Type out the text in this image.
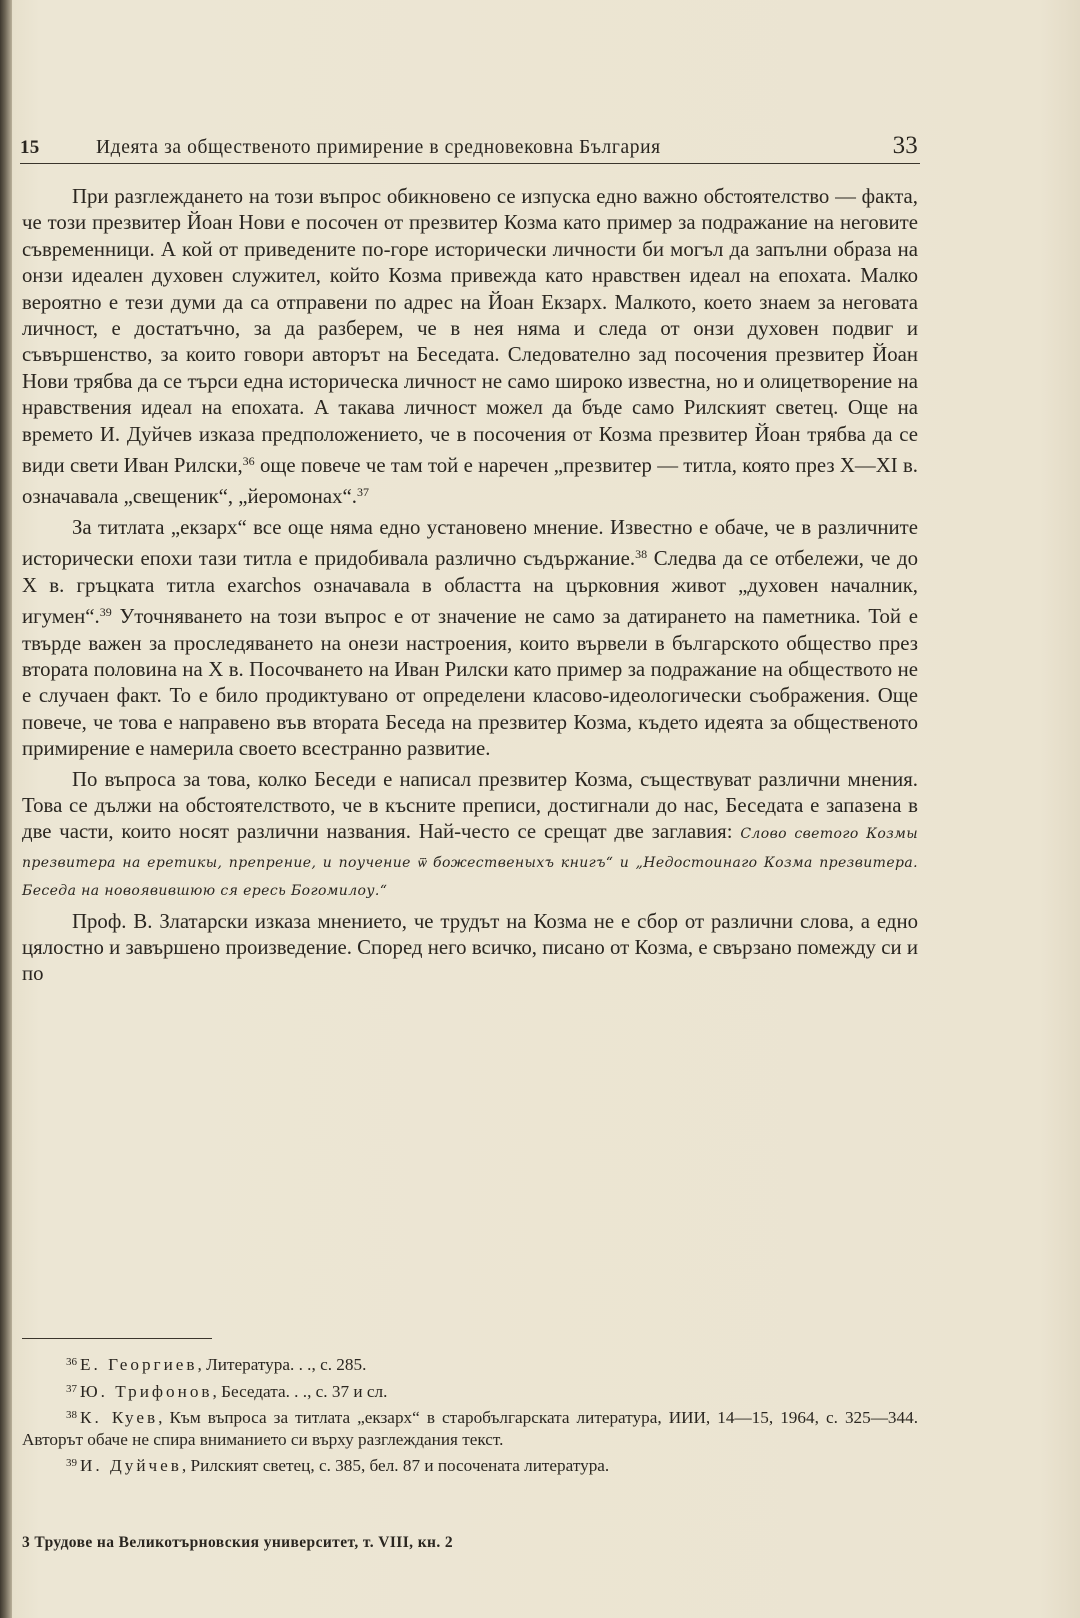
15	Идеята за общественото примирение в средновековна България	33

При разглеждането на този въпрос обикновено се изпуска едно важно обстоятелство — факта, че този презвитер Йоан Нови е посочен от презвитер Козма като пример за подражание на неговите съвременници. А кой от приведените по-горе исторически личности би могъл да запълни образа на онзи идеален духовен служител, който Козма привежда като нравствен идеал на епохата. Малко вероятно е тези думи да са отправени по адрес на Йоан Екзарх. Малкото, което знаем за неговата личност, е достатъчно, за да разберем, че в нея няма и следа от онзи духовен подвиг и съвършенство, за които говори авторът на Беседата. Следователно зад посочения презвитер Йоан Нови трябва да се търси една историческа личност не само широко известна, но и олицетворение на нравствения идеал на епохата. А такава личност можел да бъде само Рилският светец. Още на времето И. Дуйчев изказа предположението, че в посочения от Козма презвитер Йоан трябва да се види свети Иван Рилски,$^{36}$ още повече че там той е наречен „презвитер — титла, която през X—XI в. означавала „свещеник“, „йеромонах“.$^{37}$

За титлата „екзарх“ все още няма едно установено мнение. Известно е обаче, че в различните исторически епохи тази титла е придобивала различно съдържание.$^{38}$ Следва да се отбележи, че до X в. гръцката титла exarchos означавала в областта на църковния живот „духовен началник, игумен“.$^{39}$ Уточняването на този въпрос е от значение не само за датирането на паметника. Той е твърде важен за проследяването на онези настроения, които вървели в българското общество през втората половина на X в. Посочването на Иван Рилски като пример за подражание на обществото не е случаен факт. То е било продиктувано от определени класово-идеологически съображения. Още повече, че това е направено във втората Беседа на презвитер Козма, където идеята за общественото примирение е намерила своето всестранно развитие.

По въпроса за това, колко Беседи е написал презвитер Козма, съществуват различни мнения. Това се дължи на обстоятелството, че в късните преписи, достигнали до нас, Беседата е запазена в две части, които носят различни названия. Най-често се срещат две заглавия: Слово светого Козмы презвитера на еретикы, препрение, и поучение ѿ божественыхъ книгъ“ и „Недостоинаго Козма презвитера. Беседа на новоявившюю ся ересь Богомилоу.“

Проф. В. Златарски изказа мнението, че трудът на Козма не е сбор от различни слова, а едно цялостно и завършено произведение. Според него всичко, писано от Козма, е свързано помежду си и по

$^{36}$ Е. Георгиев, Литература. . ., с. 285.
$^{37}$ Ю. Трифонов, Беседата. . ., с. 37 и сл.
$^{38}$ К. Куев, Към въпроса за титлата „екзарх“ в старобългарската литература, ИИИ, 14—15, 1964, с. 325—344. Авторът обаче не спира вниманието си върху разглеждания текст.
$^{39}$ И. Дуйчев, Рилският светец, с. 385, бел. 87 и посочената литература.
3 Трудове на Великотърновския университет, т. VIII, кн. 2
